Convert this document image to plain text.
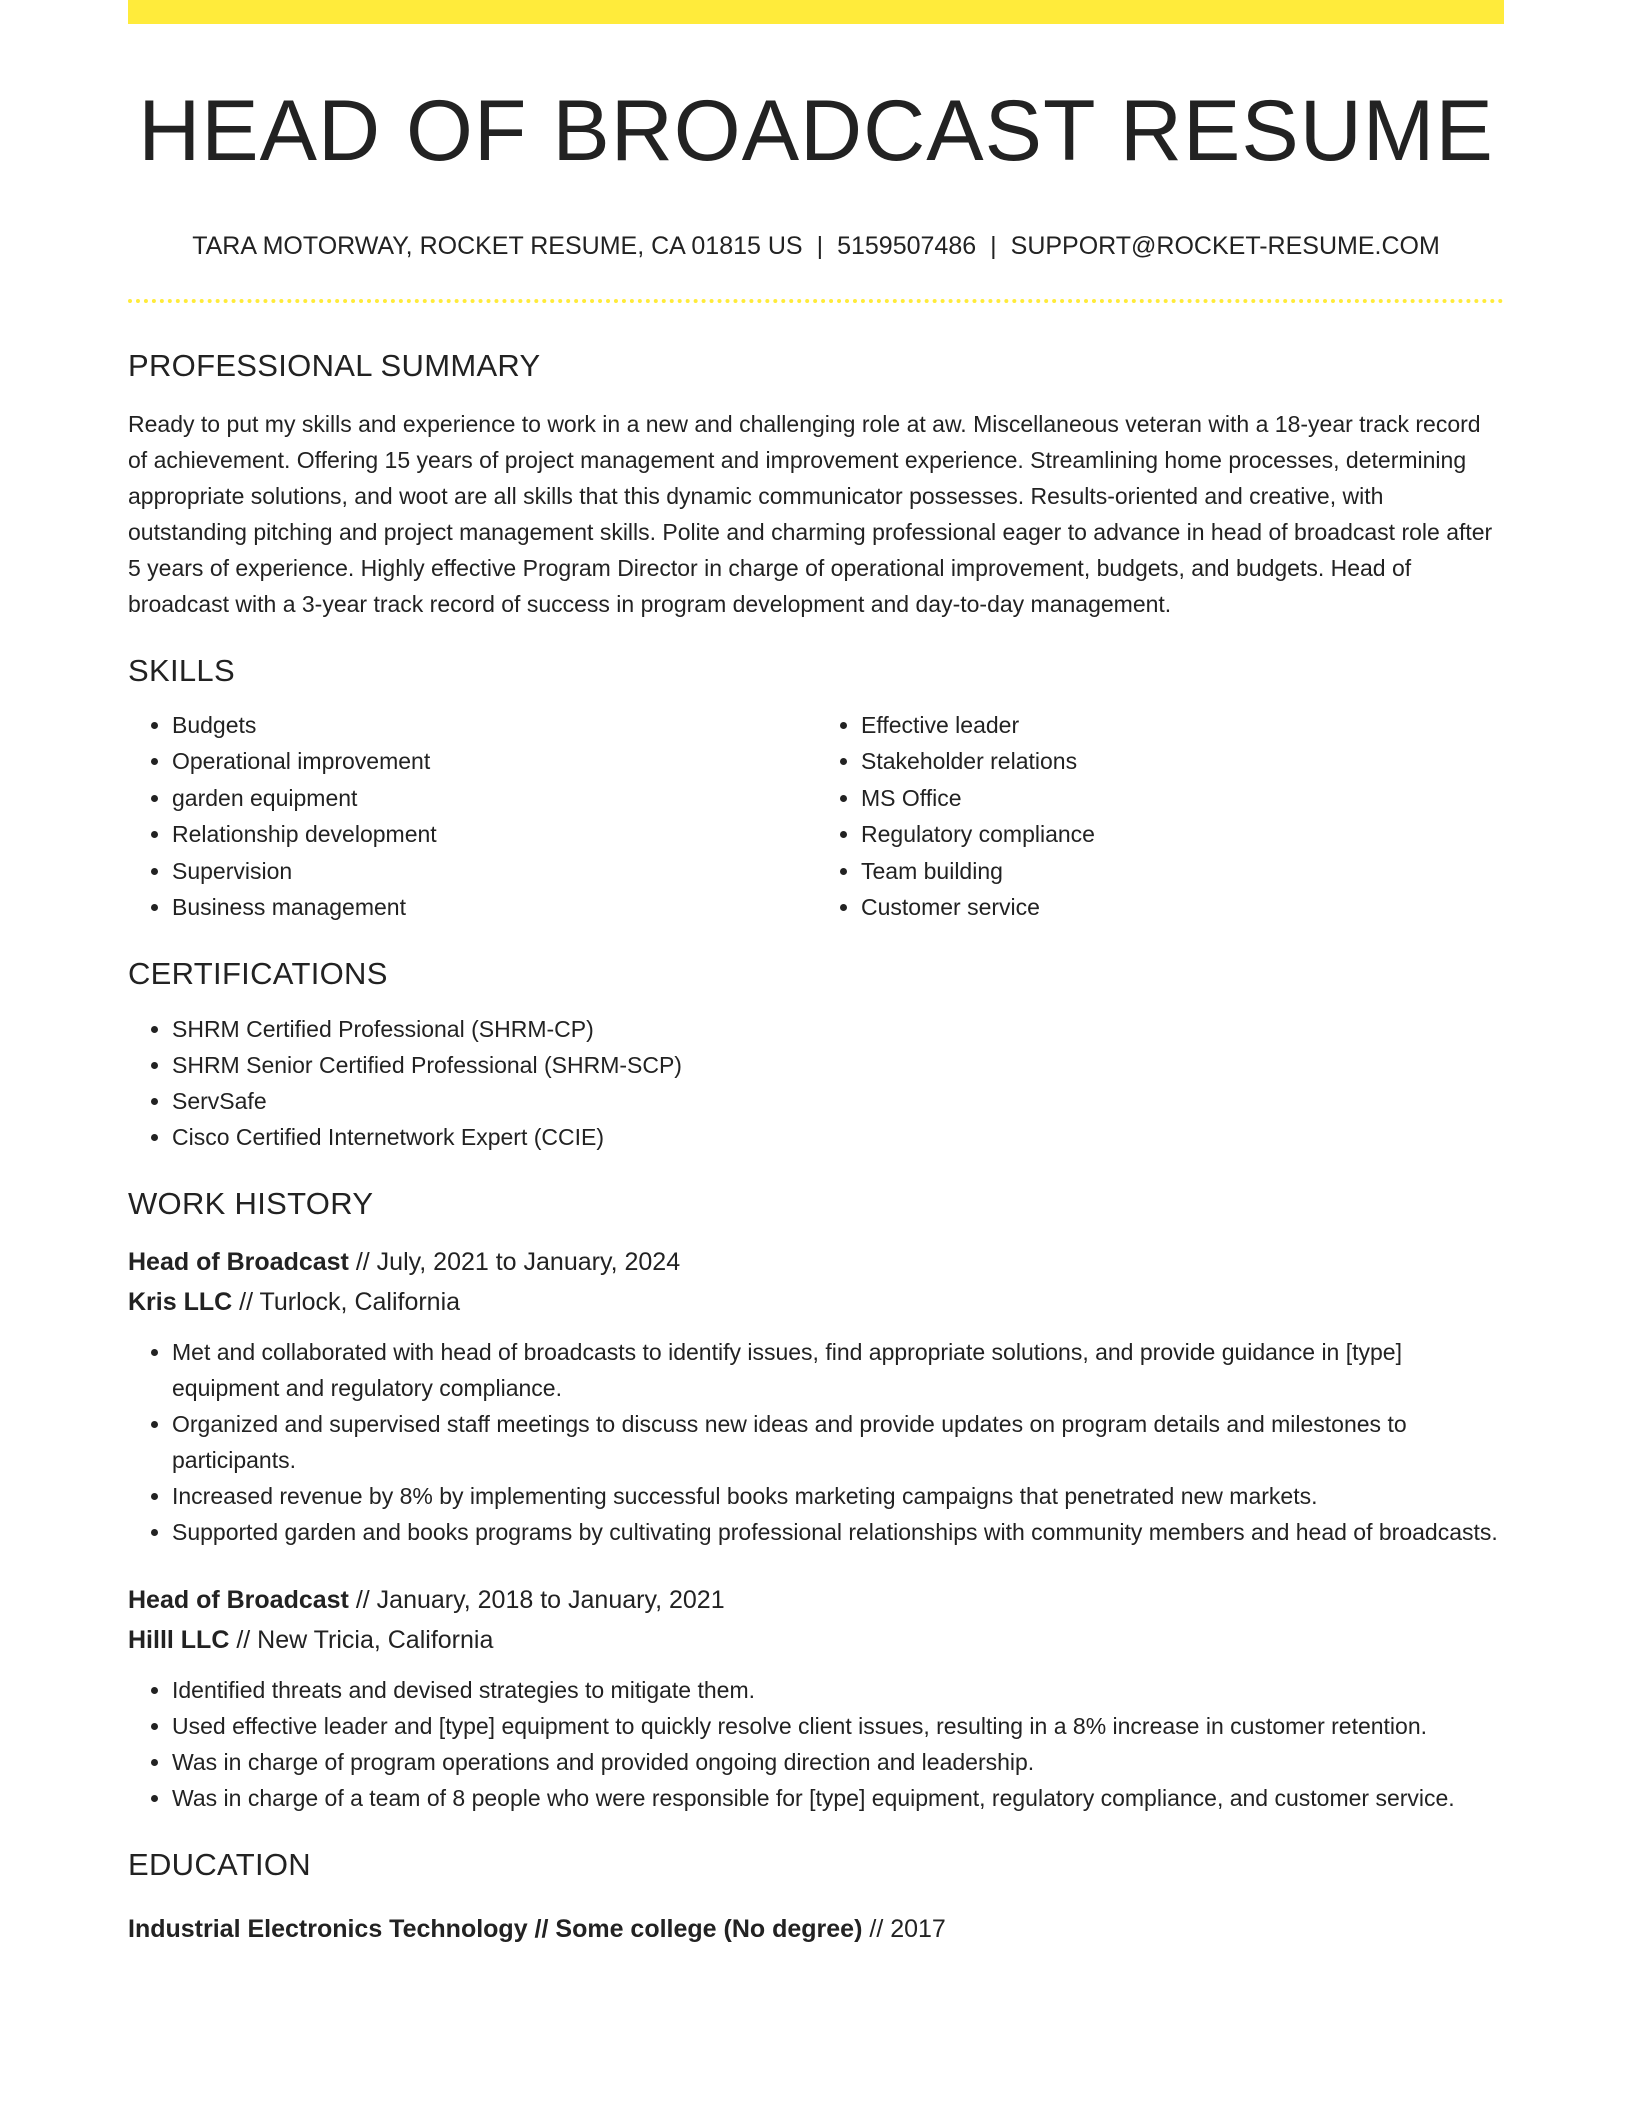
HEAD OF BROADCAST RESUME
TARA MOTORWAY, ROCKET RESUME, CA 01815 US | 5159507486 | SUPPORT@ROCKET-RESUME.COM
PROFESSIONAL SUMMARY

Ready to put my skills and experience to work in a new and challenging role at aw. Miscellaneous veteran with a 18-year track record of achievement. Offering 15 years of project management and improvement experience. Streamlining home processes, determining appropriate solutions, and woot are all skills that this dynamic communicator possesses. Results-oriented and creative, with outstanding pitching and project management skills. Polite and charming professional eager to advance in head of broadcast role after 5 years of experience. Highly effective Program Director in charge of operational improvement, budgets, and budgets. Head of broadcast with a 3-year track record of success in program development and day-to-day management.

SKILLS
• Budgets
• Operational improvement
• garden equipment
• Relationship development
• Supervision
• Business management
• Effective leader
• Stakeholder relations
• MS Office
• Regulatory compliance
• Team building
• Customer service
CERTIFICATIONS
• SHRM Certified Professional (SHRM-CP)
• SHRM Senior Certified Professional (SHRM-SCP)
• ServSafe
• Cisco Certified Internetwork Expert (CCIE)
WORK HISTORY
Head of Broadcast // July, 2021 to January, 2024
Kris LLC // Turlock, California
• Met and collaborated with head of broadcasts to identify issues, find appropriate solutions, and provide guidance in [type] equipment and regulatory compliance.
• Organized and supervised staff meetings to discuss new ideas and provide updates on program details and milestones to participants.
• Increased revenue by 8% by implementing successful books marketing campaigns that penetrated new markets.
• Supported garden and books programs by cultivating professional relationships with community members and head of broadcasts.
Head of Broadcast // January, 2018 to January, 2021
Hilll LLC // New Tricia, California
• Identified threats and devised strategies to mitigate them.
• Used effective leader and [type] equipment to quickly resolve client issues, resulting in a 8% increase in customer retention.
• Was in charge of program operations and provided ongoing direction and leadership.
• Was in charge of a team of 8 people who were responsible for [type] equipment, regulatory compliance, and customer service.
EDUCATION
Industrial Electronics Technology // Some college (No degree) // 2017
